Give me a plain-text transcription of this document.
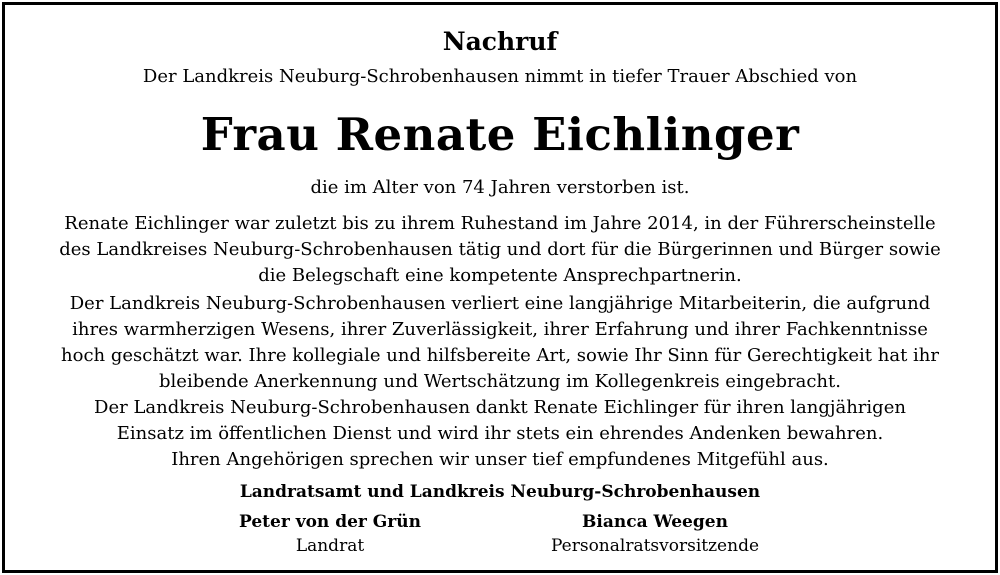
Nachruf
Der Landkreis Neuburg-Schrobenhausen nimmt in tiefer Trauer Abschied von
Frau Renate Eichlinger
die im Alter von 74 Jahren verstorben ist.
Renate Eichlinger war zuletzt bis zu ihrem Ruhestand im Jahre 2014, in der Führerscheinstelle
des Landkreises Neuburg-Schrobenhausen tätig und dort für die Bürgerinnen und Bürger sowie
die Belegschaft eine kompetente Ansprechpartnerin.
Der Landkreis Neuburg-Schrobenhausen verliert eine langjährige Mitarbeiterin, die aufgrund
ihres warmherzigen Wesens, ihrer Zuverlässigkeit, ihrer Erfahrung und ihrer Fachkenntnisse
hoch geschätzt war. Ihre kollegiale und hilfsbereite Art, sowie Ihr Sinn für Gerechtigkeit hat ihr
bleibende Anerkennung und Wertschätzung im Kollegenkreis eingebracht.
Der Landkreis Neuburg-Schrobenhausen dankt Renate Eichlinger für ihren langjährigen
Einsatz im öffentlichen Dienst und wird ihr stets ein ehrendes Andenken bewahren.
Ihren Angehörigen sprechen wir unser tief empfundenes Mitgefühl aus.
Landratsamt und Landkreis Neuburg-Schrobenhausen
Peter von der Grün
Landrat
Bianca Weegen
Personalratsvorsitzende
